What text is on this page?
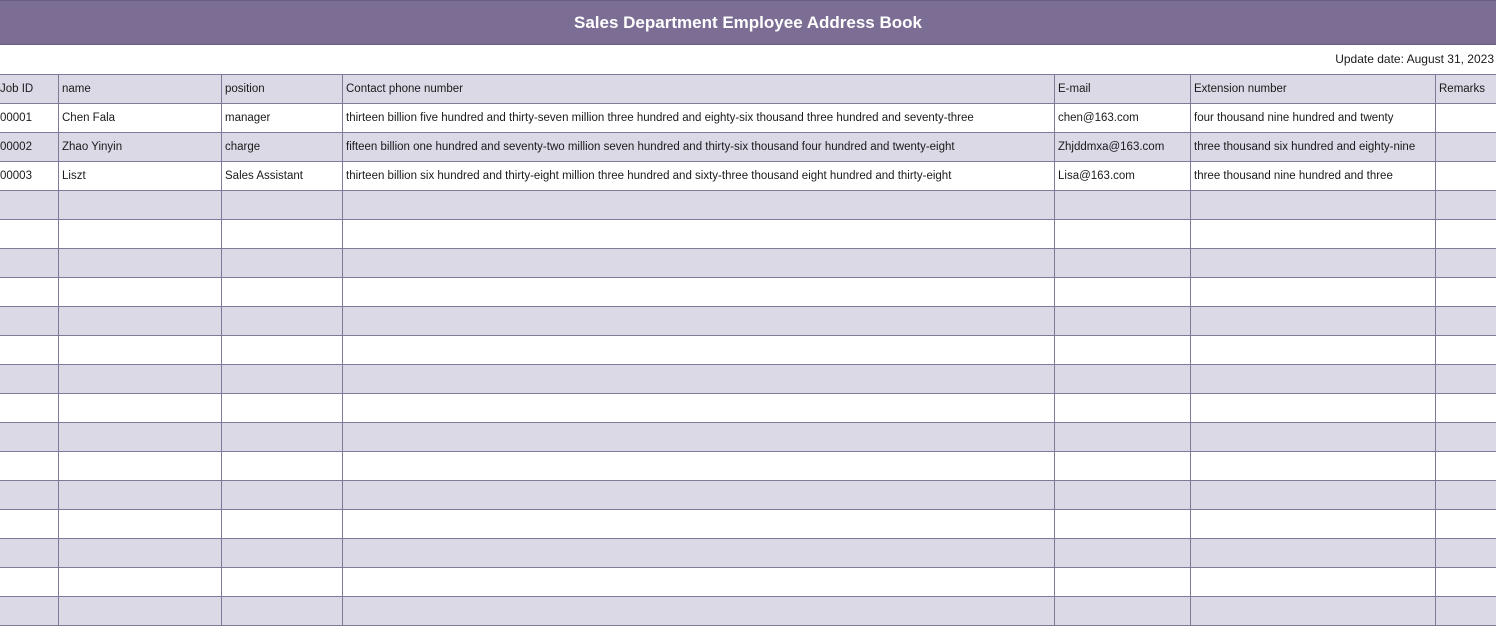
Sales Department Employee Address Book
Update date: August 31, 2023
Job ID	name	position	Contact phone number	E-mail	Extension number	Remarks
00001	Chen Fala	manager	thirteen billion five hundred and thirty-seven million three hundred and eighty-six thousand three hundred and seventy-three	chen@163.com	four thousand nine hundred and twenty	
00002	Zhao Yinyin	charge	fifteen billion one hundred and seventy-two million seven hundred and thirty-six thousand four hundred and twenty-eight	Zhjddmxa@163.com	three thousand six hundred and eighty-nine	
00003	Liszt	Sales Assistant	thirteen billion six hundred and thirty-eight million three hundred and sixty-three thousand eight hundred and thirty-eight	Lisa@163.com	three thousand nine hundred and three	
